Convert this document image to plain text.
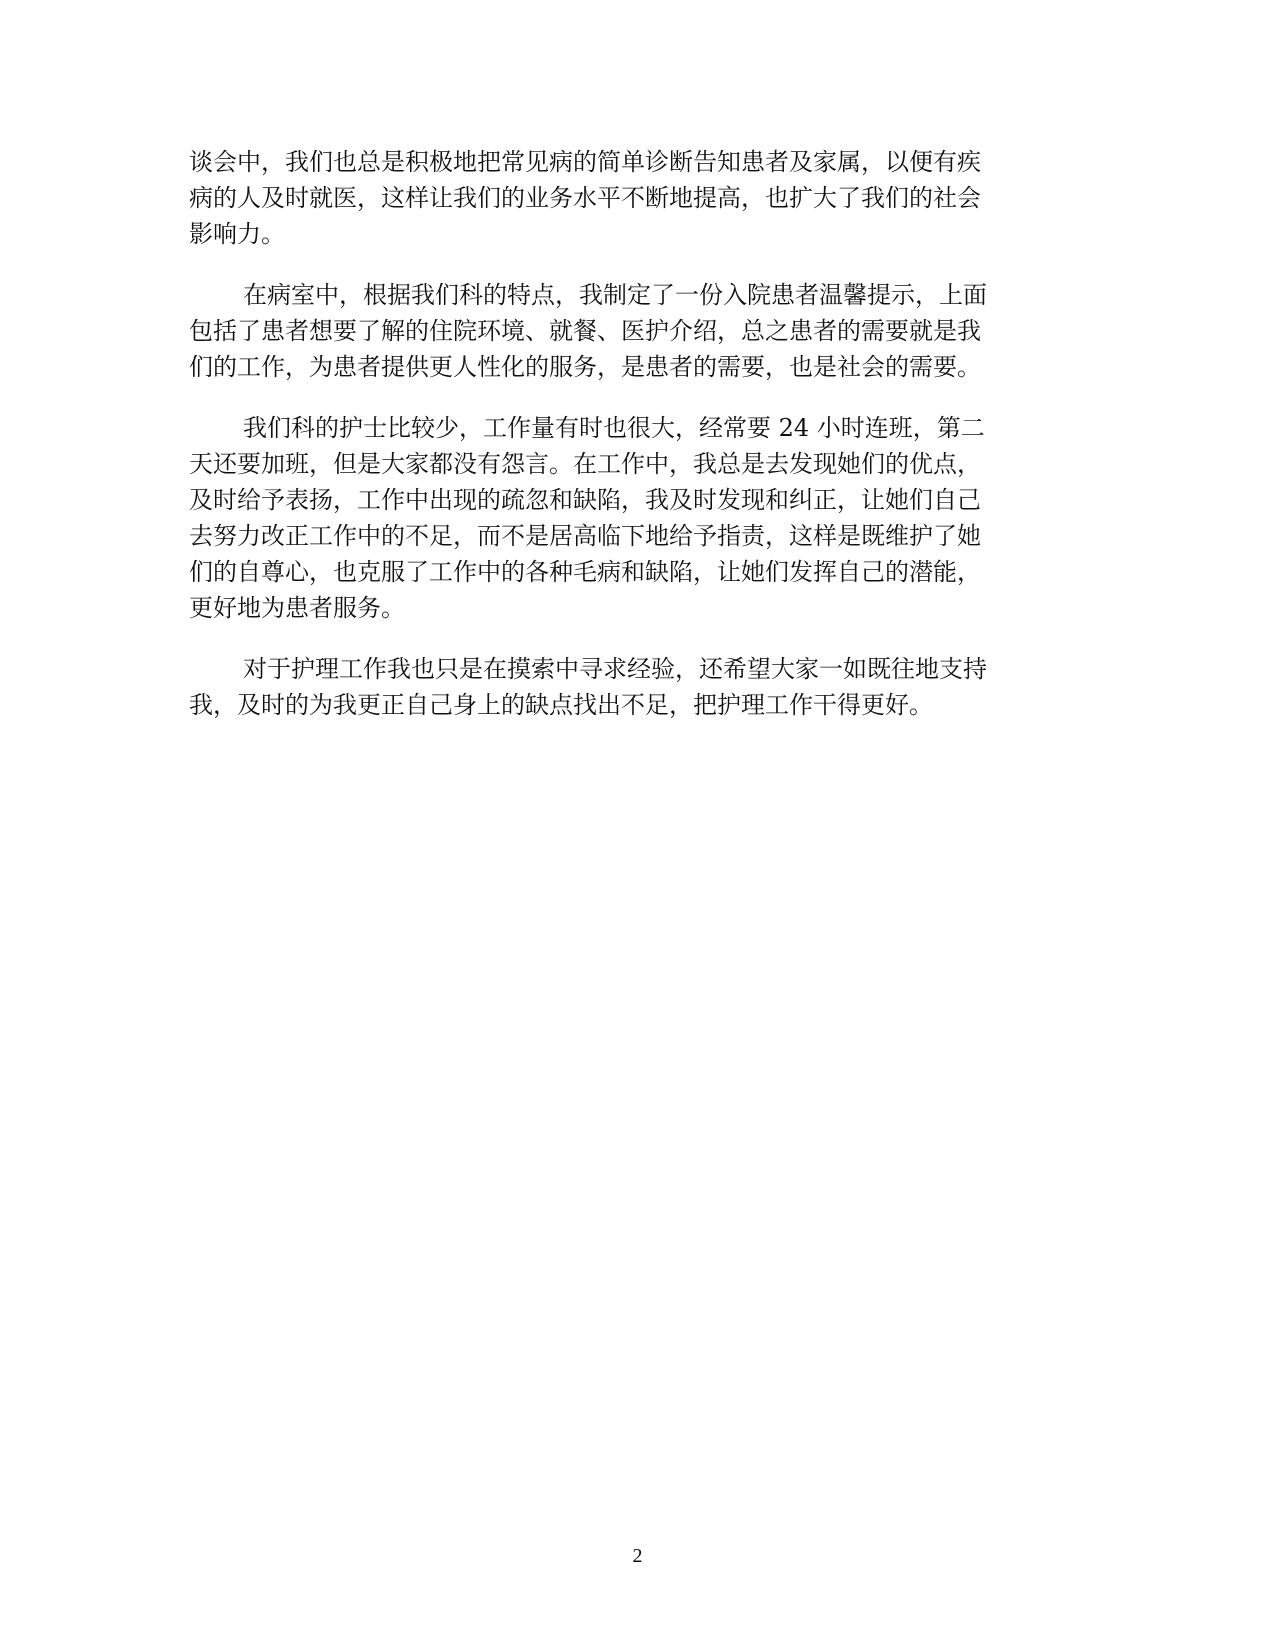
谈会中，我们也总是积极地把常见病的简单诊断告知患者及家属，以便有疾
病的人及时就医，这样让我们的业务水平不断地提高，也扩大了我们的社会
影响力。

在病室中，根据我们科的特点，我制定了一份入院患者温馨提示，上面
包括了患者想要了解的住院环境、就餐、医护介绍，总之患者的需要就是我
们的工作，为患者提供更人性化的服务，是患者的需要，也是社会的需要。

我们科的护士比较少，工作量有时也很大，经常要 24 小时连班，第二
天还要加班，但是大家都没有怨言。在工作中，我总是去发现她们的优点，
及时给予表扬，工作中出现的疏忽和缺陷，我及时发现和纠正，让她们自己
去努力改正工作中的不足，而不是居高临下地给予指责，这样是既维护了她
们的自尊心，也克服了工作中的各种毛病和缺陷，让她们发挥自己的潜能，
更好地为患者服务。

对于护理工作我也只是在摸索中寻求经验，还希望大家一如既往地支持
我，及时的为我更正自己身上的缺点找出不足，把护理工作干得更好。

2
